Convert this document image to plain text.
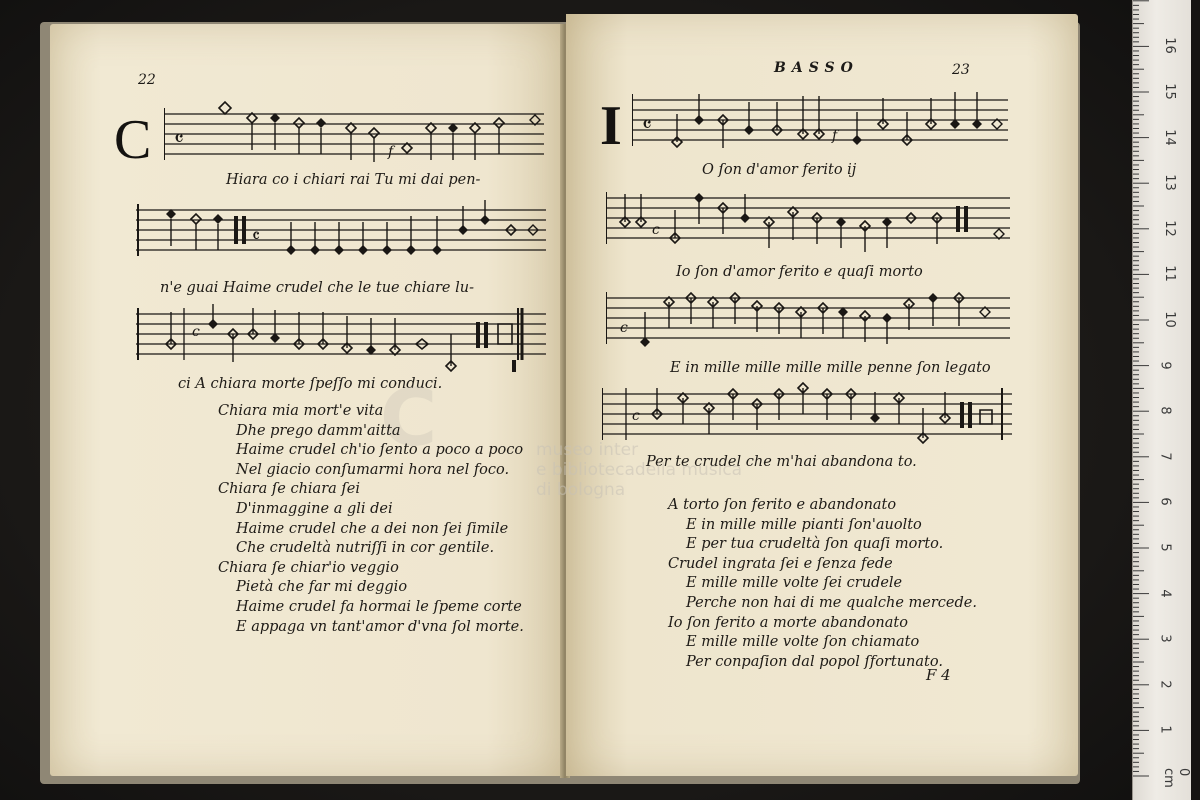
22
C 𝄴	f
Hiara co i chiari rai Tu mi dai pen-
𝄴
n'e guai Haime crudel che le tue chiare lu-
c
ci A chiara morte ſpeſſo mi conduci.
C
Chiara mia mort'e vita
Dhe prego damm'aitta
Haime crudel ch'io ſento a poco a poco
Nel giacio conſumarmi hora nel foco.
Chiara ſe chiara ſei
D'inmaggine a gli dei
Haime crudel che a dei non ſei ſimile
Che crudeltà nutriſſi in cor gentile.
Chiara ſe chiar'io veggio
Pietà che far mi deggio
Haime crudel fa hormai le ſpeme corte
E appaga vn tant'amor d'vna ſol morte.
BASSO	23
I 𝄴	f
O ſon d'amor ferito ij
c
Io ſon d'amor ferito e quaſi morto
c
E in mille mille mille mille penne ſon legato
c
Per te crudel che m'hai abandona to.
museo inter
e bibliotecadella musica
di bologna
A torto ſon ferito e abandonato
E in mille mille pianti ſon'auolto
E per tua crudeltà ſon quaſi morto.
Crudel ingrata ſei e ſenza fede
E mille mille volte ſei crudele
Perche non hai di me qualche mercede.
Io ſon ferito a morte abandonato
E mille mille volte ſon chiamato
Per conpaſion dal popol ſfortunato.
F 4
0 cm
1
2
3
4
5
6
7
8
9
10
11
12
13
14
15
16
